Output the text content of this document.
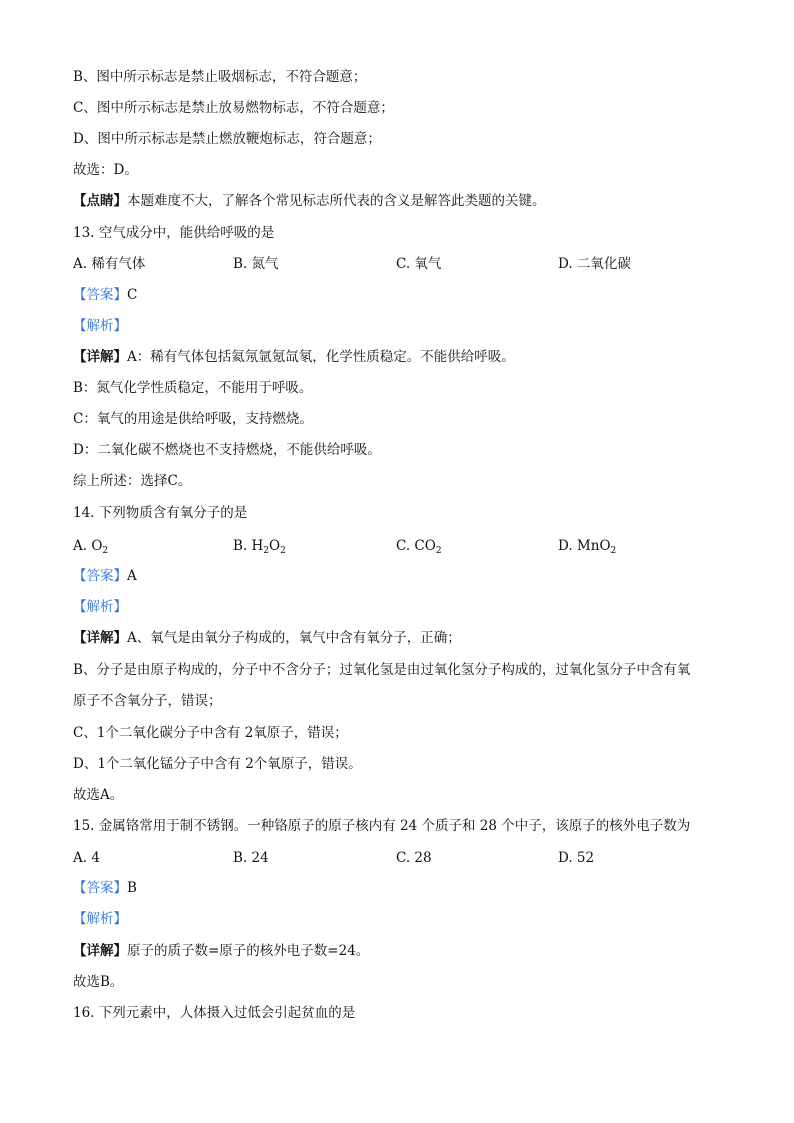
B、图中所示标志是禁止吸烟标志，不符合题意；
C、图中所示标志是禁止放易燃物标志，不符合题意；
D、图中所示标志是禁止燃放鞭炮标志，符合题意；
故选：D。
【点睛】本题难度不大，了解各个常见标志所代表的含义是解答此类题的关键。
13. 空气成分中，能供给呼吸的是
A. 稀有气体	B. 氮气	C. 氧气	D. 二氧化碳
【答案】C
【解析】
【详解】A：稀有气体包括氦氖氩氪氙氡，化学性质稳定。不能供给呼吸。
B：氮气化学性质稳定，不能用于呼吸。
C：氧气的用途是供给呼吸，支持燃烧。
D：二氧化碳不燃烧也不支持燃烧，不能供给呼吸。
综上所述：选择C。
14. 下列物质含有氧分子的是
A. $O_2$	B. $H_2O_2$	C. $CO_2$	D. MnO$_2$
【答案】A
【解析】
【详解】A、氧气是由氧分子构成的，氧气中含有氧分子，正确；
B、分子是由原子构成的，分子中不含分子；过氧化氢是由过氧化氢分子构成的，过氧化氢分子中含有氧
原子不含氧分子，错误；
C、1个二氧化碳分子中含有 2氧原子，错误；
D、1个二氧化锰分子中含有 2个氧原子，错误。
故选A。
15. 金属铬常用于制不锈钢。一种铬原子的原子核内有 24 个质子和 28 个中子，该原子的核外电子数为
A. 4	B. 24	C. 28	D. 52
【答案】B
【解析】
【详解】原子的质子数=原子的核外电子数=24。
故选B。
16. 下列元素中，人体摄入过低会引起贫血的是
